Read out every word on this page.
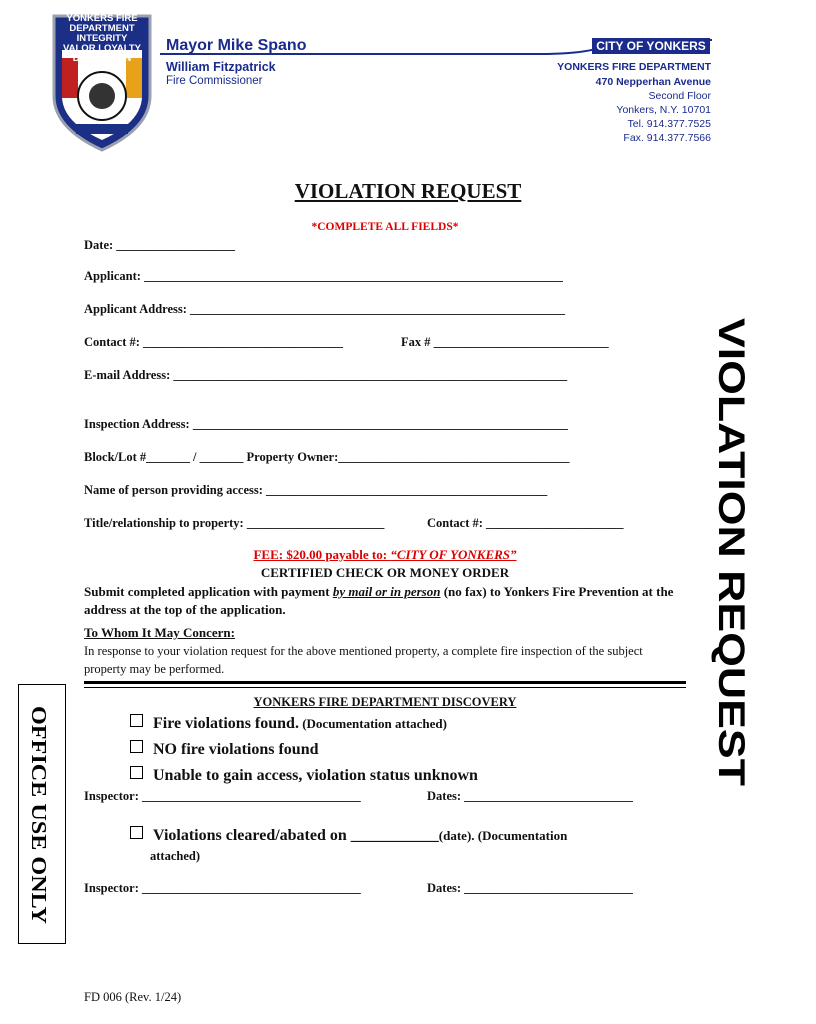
YONKERS FIRE DEPARTMENT INTEGRITY VALOR LOYALTY DEDICATION
Mayor Mike Spano	CITY OF YONKERS
William Fitzpatrick
Fire Commissioner
YONKERS FIRE DEPARTMENT
470 Nepperhan Avenue
Second Floor
Yonkers, N.Y. 10701
Tel. 914.377.7525
Fax. 914.377.7566
VIOLATION REQUEST
*COMPLETE ALL FIELDS*
Date: ___________________
Applicant: ___________________________________________________________________
Applicant Address: ____________________________________________________________
Contact #: ________________________________	Fax # ____________________________
E-mail Address: _______________________________________________________________
Inspection Address: ____________________________________________________________
Block/Lot #_______ / _______ Property Owner:_____________________________________
Name of person providing access: _____________________________________________
Title/relationship to property: ______________________	Contact #: ______________________ VIOLATION REQUEST
FEE: $20.00 payable to: “CITY OF YONKERS”
CERTIFIED CHECK OR MONEY ORDER
Submit completed application with payment by mail or in person (no fax) to Yonkers Fire Prevention at the address at the top of the application.
To Whom It May Concern:
In response to your violation request for the above mentioned property, a complete fire inspection of the subject property may be performed.
OFFICE USE ONLY
YONKERS FIRE DEPARTMENT DISCOVERY
Fire violations found. (Documentation attached)
NO fire violations found
Unable to gain access, violation status unknown
Inspector: ___________________________________	Dates: ___________________________
Violations cleared/abated on ___________(date). (Documentation
attached)
Inspector: ___________________________________	Dates: ___________________________
FD 006 (Rev. 1/24)
